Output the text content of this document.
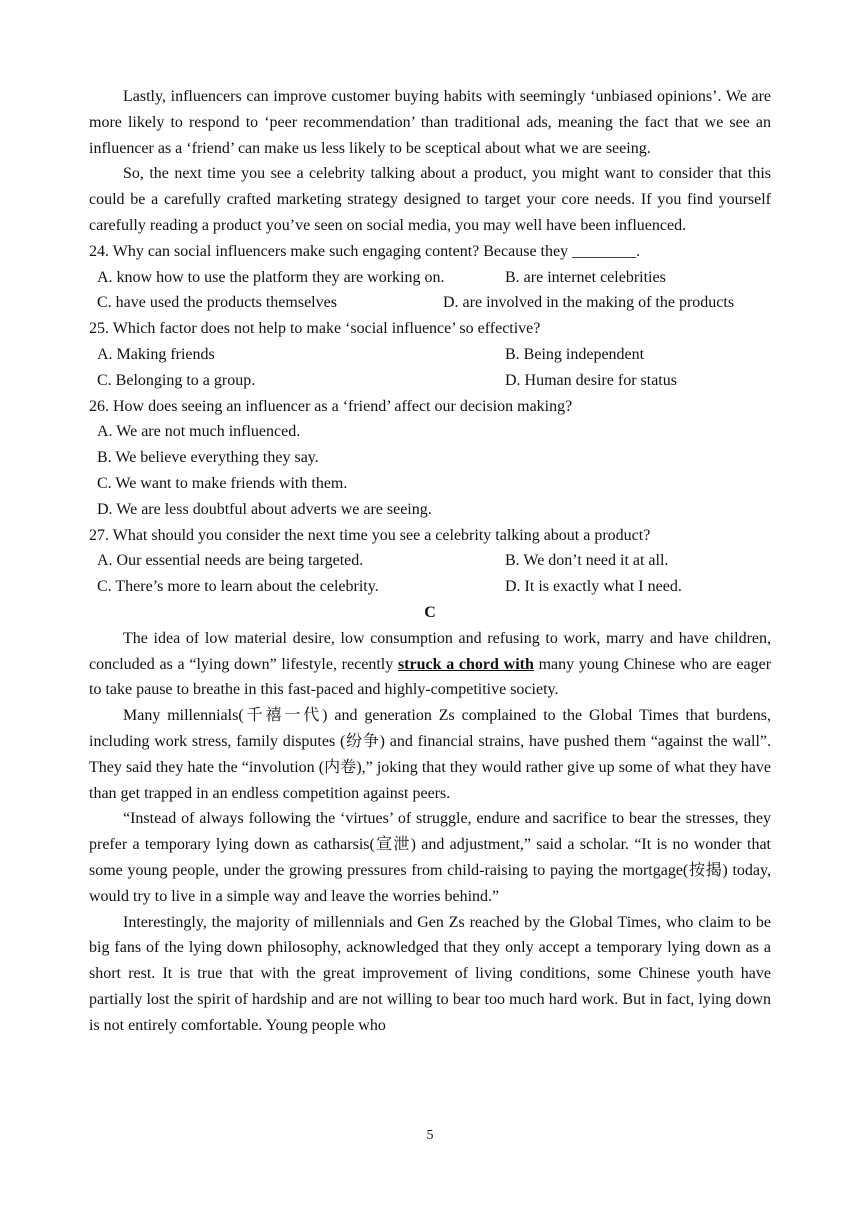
Lastly, influencers can improve customer buying habits with seemingly ‘unbiased opinions’. We are more likely to respond to ‘peer recommendation’ than traditional ads, meaning the fact that we see an influencer as a ‘friend’ can make us less likely to be sceptical about what we are seeing.

So, the next time you see a celebrity talking about a product, you might want to consider that this could be a carefully crafted marketing strategy designed to target your core needs. If you find yourself carefully reading a product you’ve seen on social media, you may well have been influenced.

24. Why can social influencers make such engaging content? Because they ________.

A. know how to use the platform they are working on.	B. are internet celebrities
C. have used the products themselves	D. are involved in the making of the products

25. Which factor does not help to make ‘social influence’ so effective?

A. Making friends	B. Being independent
C. Belonging to a group.	D. Human desire for status

26. How does seeing an influencer as a ‘friend’ affect our decision making?

A. We are not much influenced.

B. We believe everything they say.

C. We want to make friends with them.

D. We are less doubtful about adverts we are seeing.

27. What should you consider the next time you see a celebrity talking about a product?

A. Our essential needs are being targeted.	B. We don’t need it at all.
C. There’s more to learn about the celebrity.	D. It is exactly what I need.

C

The idea of low material desire, low consumption and refusing to work, marry and have children, concluded as a “lying down” lifestyle, recently struck a chord with many young Chinese who are eager to take pause to breathe in this fast-paced and highly-competitive society.

Many millennials(千禧一代) and generation Zs complained to the Global Times that burdens, including work stress, family disputes (纷争) and financial strains, have pushed them “against the wall”. They said they hate the “involution (内卷),” joking that they would rather give up some of what they have than get trapped in an endless competition against peers.

“Instead of always following the ‘virtues’ of struggle, endure and sacrifice to bear the stresses, they prefer a temporary lying down as catharsis(宣泄) and adjustment,” said a scholar. “It is no wonder that some young people, under the growing pressures from child-raising to paying the mortgage(按揭) today, would try to live in a simple way and leave the worries behind.”

Interestingly, the majority of millennials and Gen Zs reached by the Global Times, who claim to be big fans of the lying down philosophy, acknowledged that they only accept a temporary lying down as a short rest. It is true that with the great improvement of living conditions, some Chinese youth have partially lost the spirit of hardship and are not willing to bear too much hard work. But in fact, lying down is not entirely comfortable. Young people who

5
